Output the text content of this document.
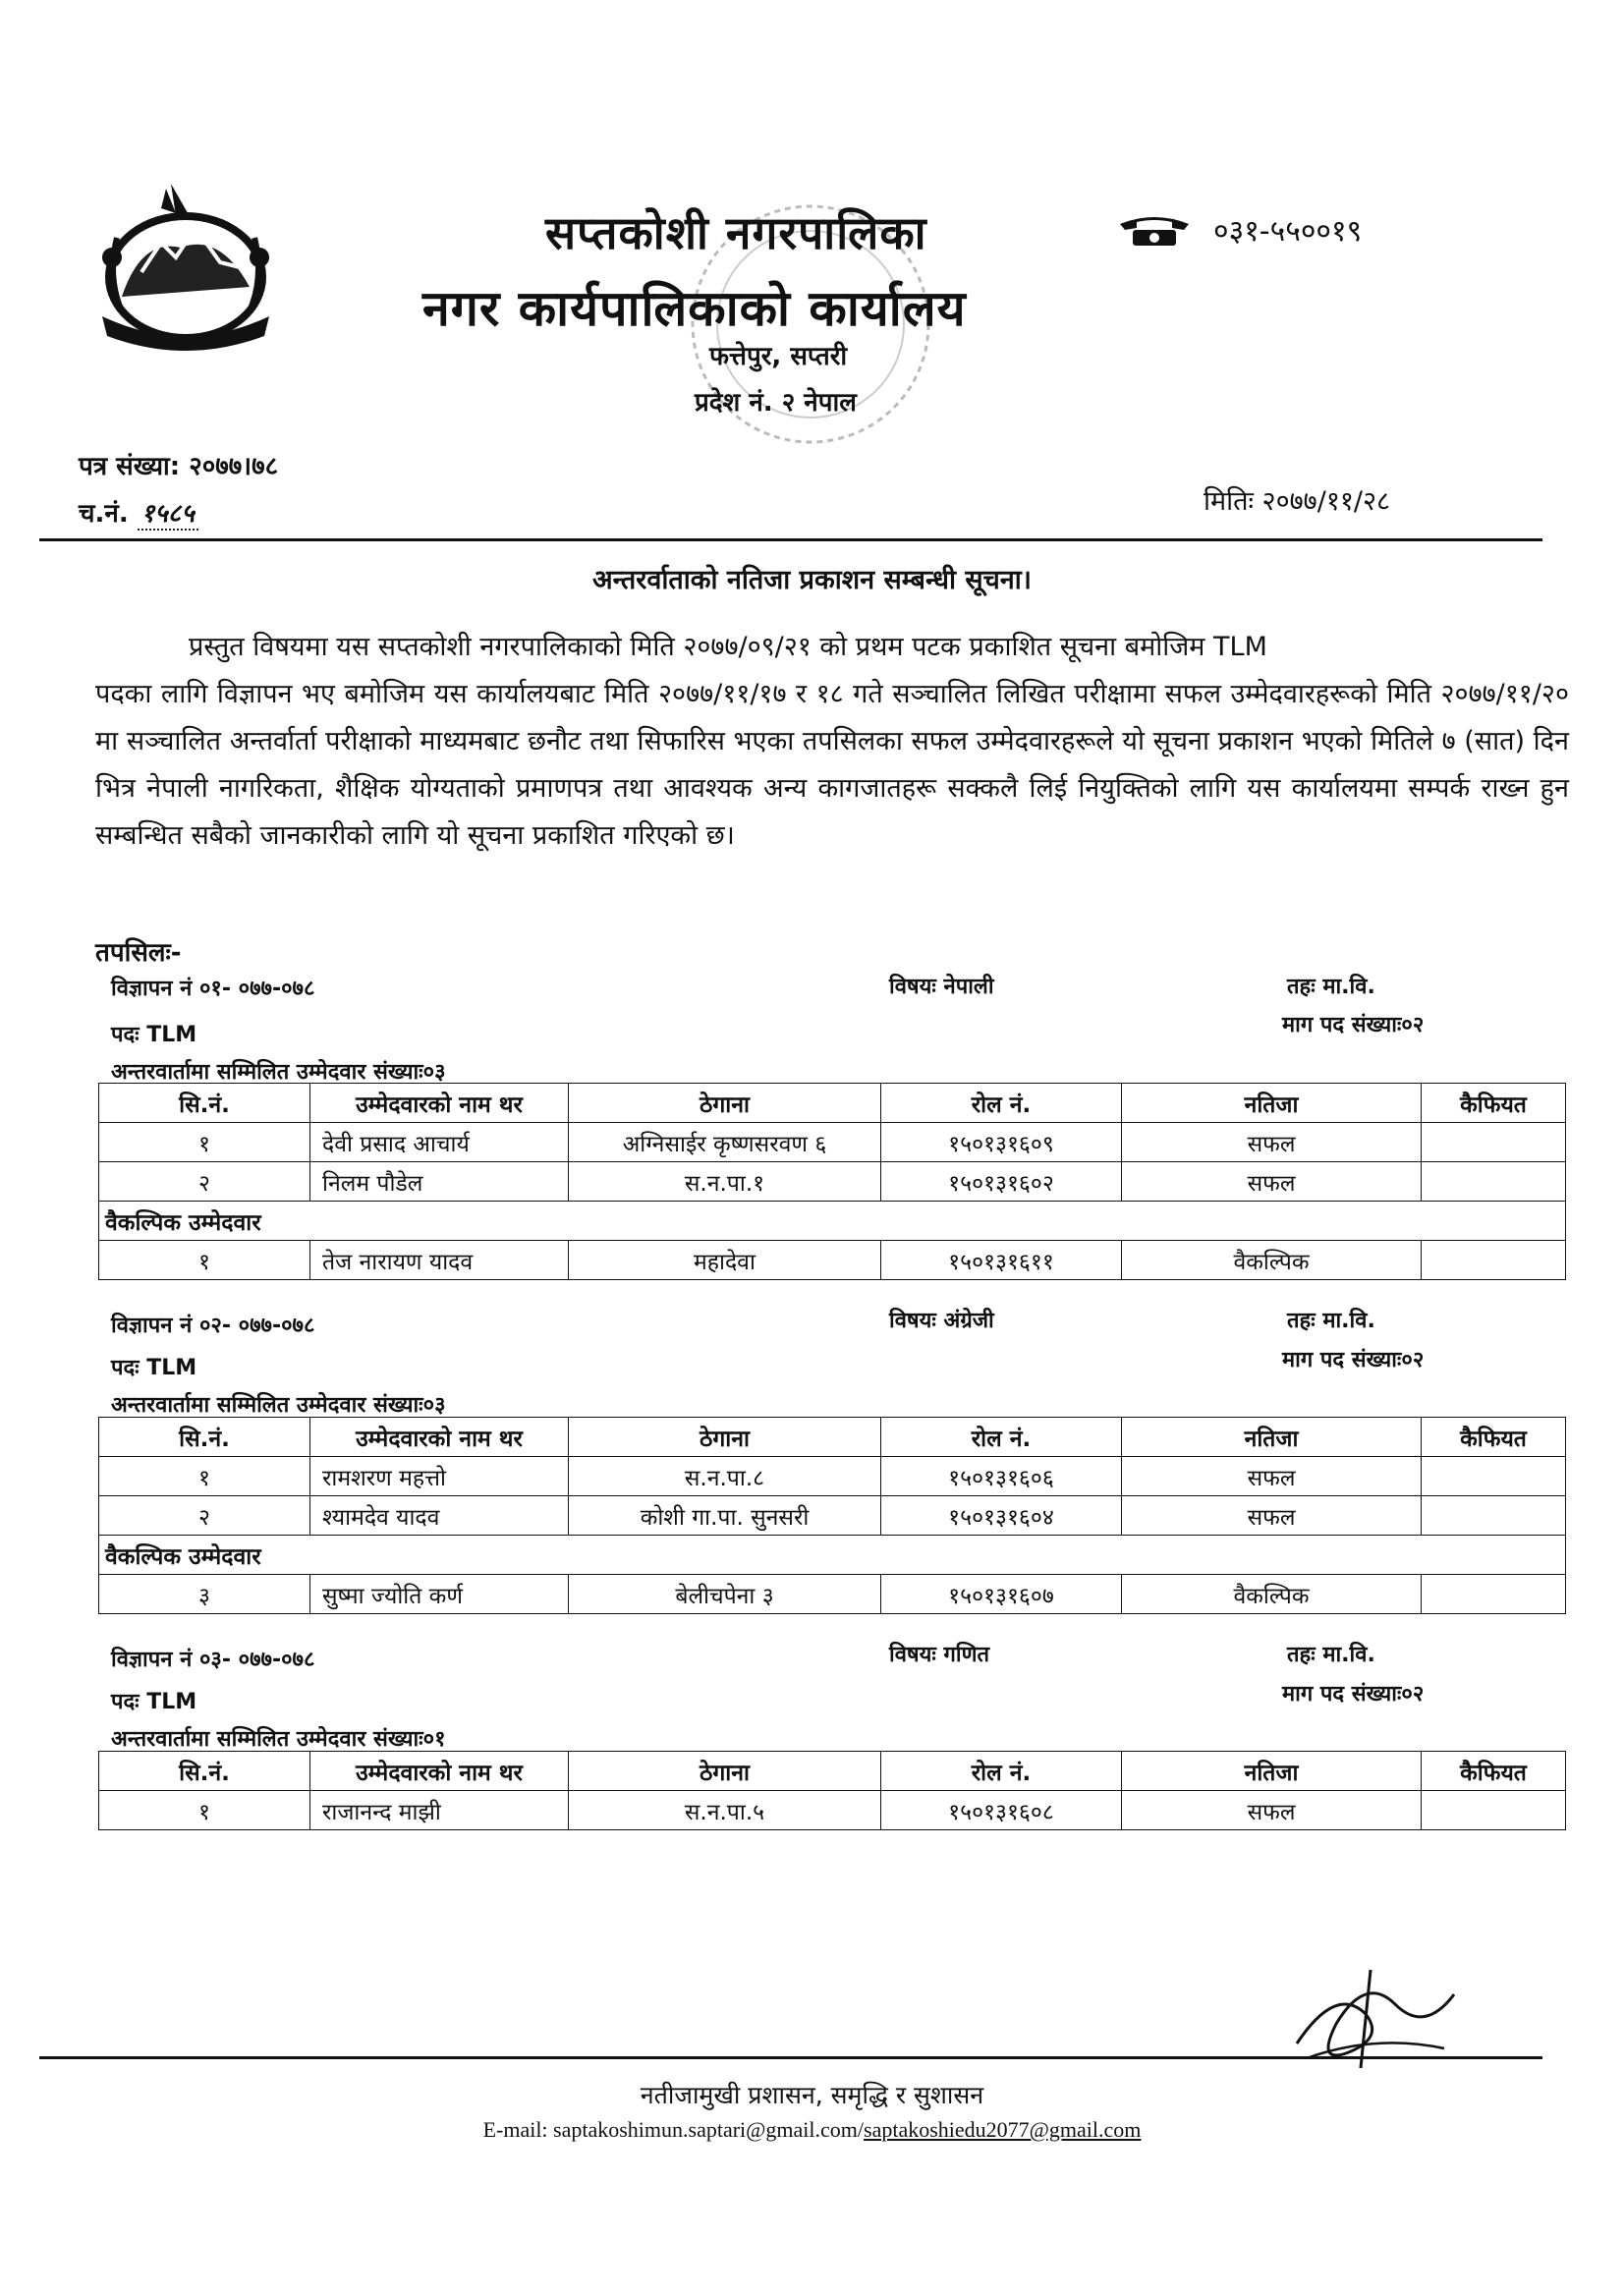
सप्तकोशी नगरपालिका
नगर कार्यपालिकाको कार्यालय
०३१-५५००१९
फत्तेपुर, सप्तरी
प्रदेश नं. २ नेपाल
पत्र संख्या: २०७७।७८
च.नं. १५८५	मितिः २०७७/११/२८
अन्तरर्वाताको नतिजा प्रकाशन सम्बन्धी सूचना।
प्रस्तुत विषयमा यस सप्तकोशी नगरपालिकाको मिति २०७७/०९/२१ को प्रथम पटक प्रकाशित सूचना बमोजिम TLM
पदका लागि विज्ञापन भए बमोजिम यस कार्यालयबाट मिति २०७७/११/१७ र १८ गते सञ्चालित लिखित परीक्षामा सफल उम्मेदवारहरूको मिति २०७७/११/२० मा सञ्चालित अन्तर्वार्ता परीक्षाको माध्यमबाट छनौट तथा सिफारिस भएका तपसिलका सफल उम्मेदवारहरूले यो सूचना प्रकाशन भएको मितिले ७ (सात) दिन भित्र नेपाली नागरिकता, शैक्षिक योग्यताको प्रमाणपत्र तथा आवश्यक अन्य कागजातहरू सक्कलै लिई नियुक्तिको लागि यस कार्यालयमा सम्पर्क राख्न हुन सम्बन्धित सबैको जानकारीको लागि यो सूचना प्रकाशित गरिएको छ।
तपसिलः-
विज्ञापन नं ०१- ०७७-०७८	विषयः नेपाली	तहः मा.वि.
पदः TLM	माग पद संख्याः०२
अन्तरवार्तामा सम्मिलित उम्मेदवार संख्याः०३
सि.नं.	उम्मेदवारको नाम थर	ठेगाना	रोल नं.	नतिजा	कैफियत
१	देवी प्रसाद आचार्य	अग्निसाईर कृष्णसरवण ६	१५०१३१६०९	सफल	
२	निलम पौडेल	स.न.पा.१	१५०१३१६०२	सफल	
वैकल्पिक उम्मेदवार					
१	तेज नारायण यादव	महादेवा	१५०१३१६११	वैकल्पिक	
विज्ञापन नं ०२- ०७७-०७८	विषयः अंग्रेजी	तहः मा.वि.
पदः TLM	माग पद संख्याः०२
अन्तरवार्तामा सम्मिलित उम्मेदवार संख्याः०३
सि.नं.	उम्मेदवारको नाम थर	ठेगाना	रोल नं.	नतिजा	कैफियत
१	रामशरण महत्तो	स.न.पा.८	१५०१३१६०६	सफल	
२	श्यामदेव यादव	कोशी गा.पा. सुनसरी	१५०१३१६०४	सफल	
वैकल्पिक उम्मेदवार					
३	सुष्मा ज्योति कर्ण	बेलीचपेना ३	१५०१३१६०७	वैकल्पिक	
विज्ञापन नं ०३- ०७७-०७८	विषयः गणित	तहः मा.वि.
पदः TLM	माग पद संख्याः०२
अन्तरवार्तामा सम्मिलित उम्मेदवार संख्याः०१
सि.नं.	उम्मेदवारको नाम थर	ठेगाना	रोल नं.	नतिजा	कैफियत
१	राजानन्द माझी	स.न.पा.५	१५०१३१६०८	सफल	
नतीजामुखी प्रशासन, समृद्धि र सुशासन
E-mail: saptakoshimun.saptari@gmail.com/saptakoshiedu2077@gmail.com
